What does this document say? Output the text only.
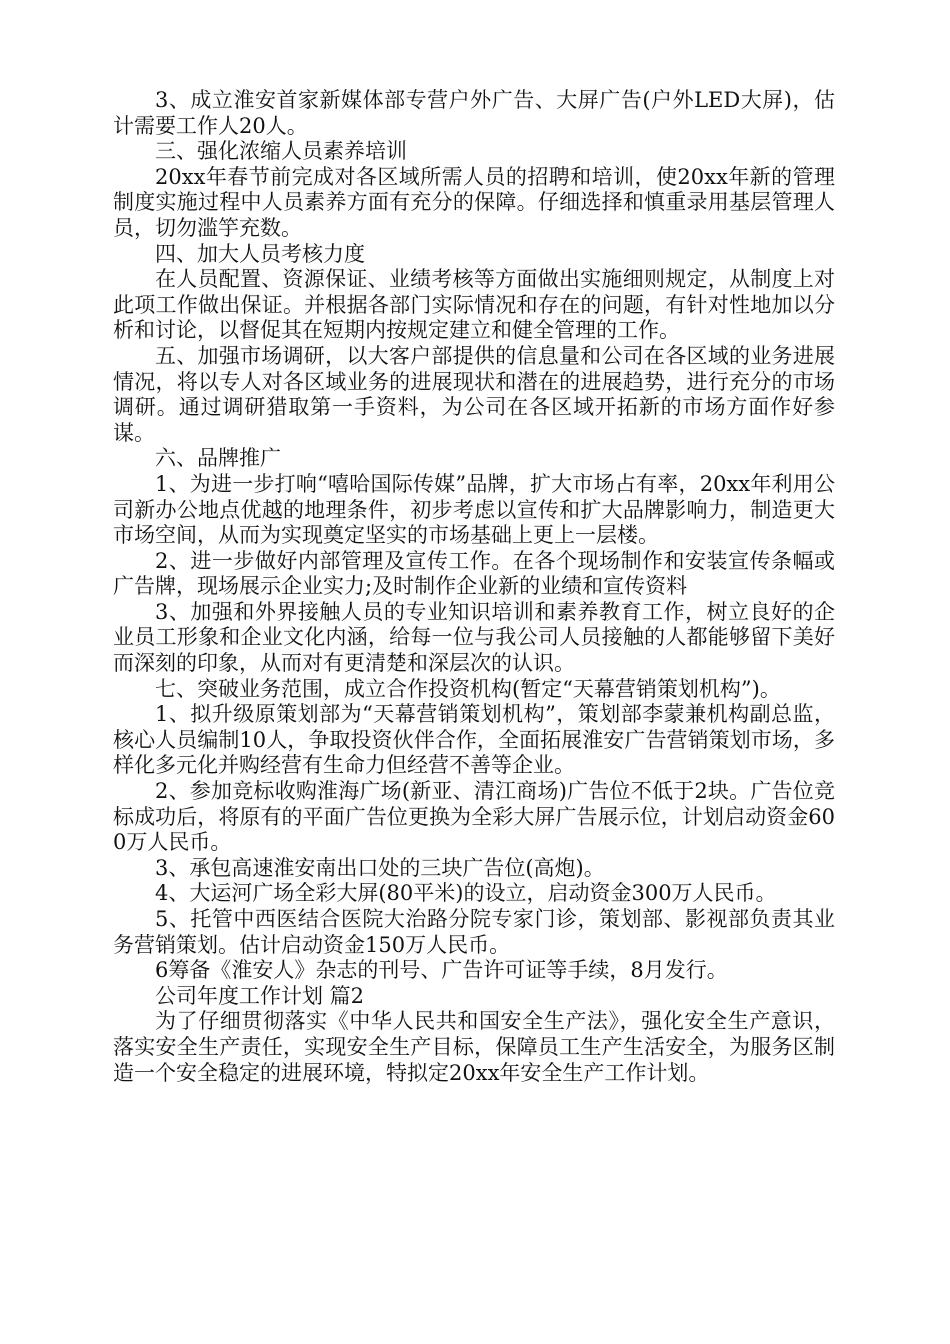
3、成立淮安首家新媒体部专营户外广告、大屏广告(户外LED大屏)，估计需要工作人20人。

三、强化浓缩人员素养培训

20xx年春节前完成对各区域所需人员的招聘和培训，使20xx年新的管理制度实施过程中人员素养方面有充分的保障。仔细选择和慎重录用基层管理人员，切勿滥竽充数。

四、加大人员考核力度

在人员配置、资源保证、业绩考核等方面做出实施细则规定，从制度上对此项工作做出保证。并根据各部门实际情况和存在的问题，有针对性地加以分析和讨论，以督促其在短期内按规定建立和健全管理的工作。

五、加强市场调研，以大客户部提供的信息量和公司在各区域的业务进展情况，将以专人对各区域业务的进展现状和潜在的进展趋势，进行充分的市场调研。通过调研猎取第一手资料，为公司在各区域开拓新的市场方面作好参谋。

六、品牌推广

1、为进一步打响“嘻哈国际传媒”品牌，扩大市场占有率，20xx年利用公司新办公地点优越的地理条件，初步考虑以宣传和扩大品牌影响力，制造更大市场空间，从而为实现奠定坚实的市场基础上更上一层楼。

2、进一步做好内部管理及宣传工作。在各个现场制作和安装宣传条幅或广告牌，现场展示企业实力;及时制作企业新的业绩和宣传资料

3、加强和外界接触人员的专业知识培训和素养教育工作，树立良好的企业员工形象和企业文化内涵，给每一位与我公司人员接触的人都能够留下美好而深刻的印象，从而对有更清楚和深层次的认识。

七、突破业务范围，成立合作投资机构(暂定“天幕营销策划机构”)。

1、拟升级原策划部为“天幕营销策划机构”，策划部李蒙兼机构副总监，核心人员编制10人，争取投资伙伴合作，全面拓展淮安广告营销策划市场，多样化多元化并购经营有生命力但经营不善等企业。

2、参加竞标收购淮海广场(新亚、清江商场)广告位不低于2块。广告位竞标成功后，将原有的平面广告位更换为全彩大屏广告展示位，计划启动资金600万人民币。

3、承包高速淮安南出口处的三块广告位(高炮)。

4、大运河广场全彩大屏(80平米)的设立，启动资金300万人民币。

5、托管中西医结合医院大治路分院专家门诊，策划部、影视部负责其业务营销策划。估计启动资金150万人民币。

6筹备《淮安人》杂志的刊号、广告许可证等手续，8月发行。

公司年度工作计划 篇2

为了仔细贯彻落实《中华人民共和国安全生产法》，强化安全生产意识，落实安全生产责任，实现安全生产目标，保障员工生产生活安全，为服务区制造一个安全稳定的进展环境，特拟定20xx年安全生产工作计划。
